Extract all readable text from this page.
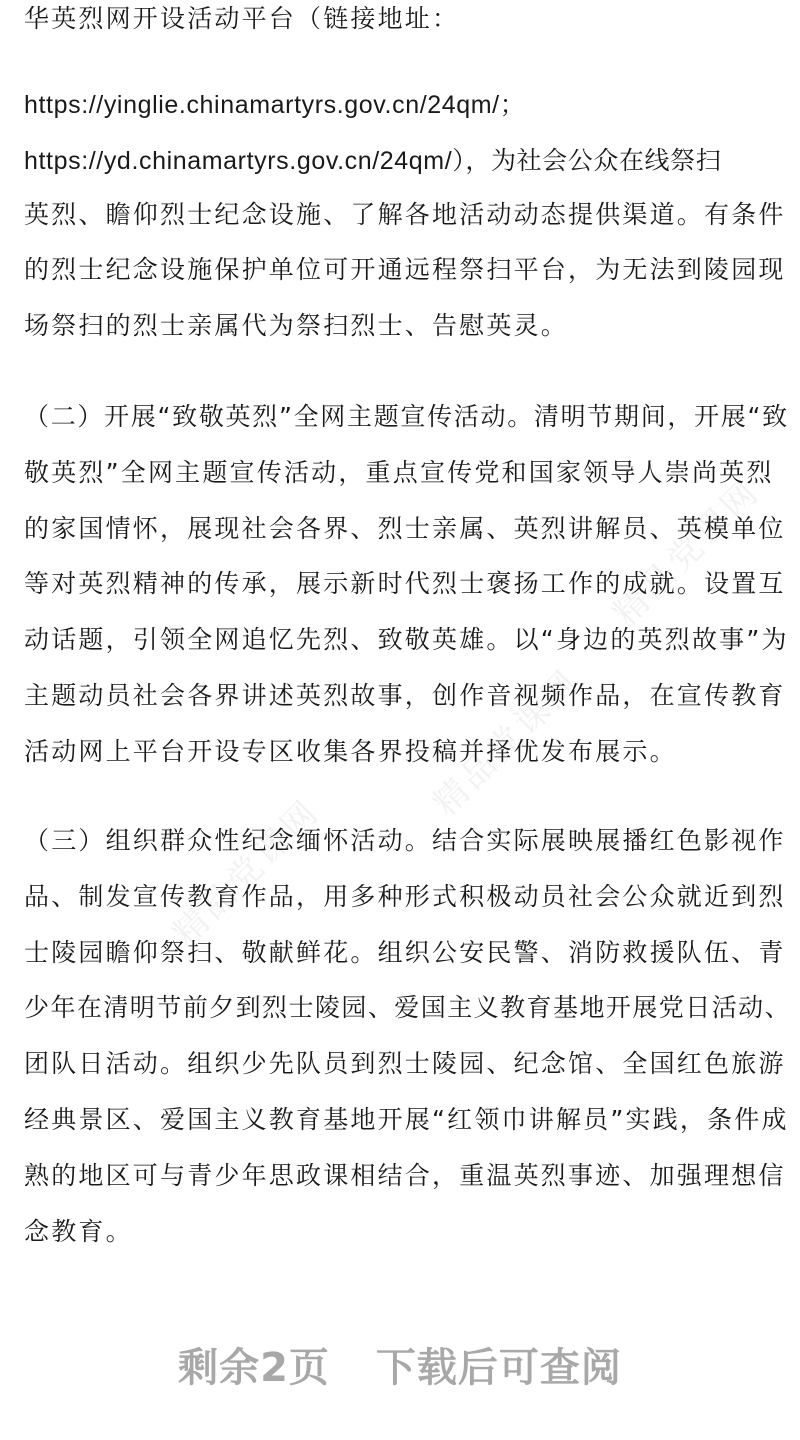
精品党课网
精品党课网
精品党课网
华英烈网开设活动平台（链接地址：
https://yinglie.chinamartyrs.gov.cn/24qm/；
https://yd.chinamartyrs.gov.cn/24qm/），为社会公众在线祭扫
英烈、瞻仰烈士纪念设施、了解各地活动动态提供渠道。有条件
的烈士纪念设施保护单位可开通远程祭扫平台，为无法到陵园现
场祭扫的烈士亲属代为祭扫烈士、告慰英灵。
（二）开展“致敬英烈”全网主题宣传活动。清明节期间，开展“致
敬英烈”全网主题宣传活动，重点宣传党和国家领导人崇尚英烈
的家国情怀，展现社会各界、烈士亲属、英烈讲解员、英模单位
等对英烈精神的传承，展示新时代烈士褒扬工作的成就。设置互
动话题，引领全网追忆先烈、致敬英雄。以“身边的英烈故事”为
主题动员社会各界讲述英烈故事，创作音视频作品，在宣传教育
活动网上平台开设专区收集各界投稿并择优发布展示。
（三）组织群众性纪念缅怀活动。结合实际展映展播红色影视作
品、制发宣传教育作品，用多种形式积极动员社会公众就近到烈
士陵园瞻仰祭扫、敬献鲜花。组织公安民警、消防救援队伍、青
少年在清明节前夕到烈士陵园、爱国主义教育基地开展党日活动、
团队日活动。组织少先队员到烈士陵园、纪念馆、全国红色旅游
经典景区、爱国主义教育基地开展“红领巾讲解员”实践，条件成
熟的地区可与青少年思政课相结合，重温英烈事迹、加强理想信
念教育。
剩余2页 下载后可查阅
